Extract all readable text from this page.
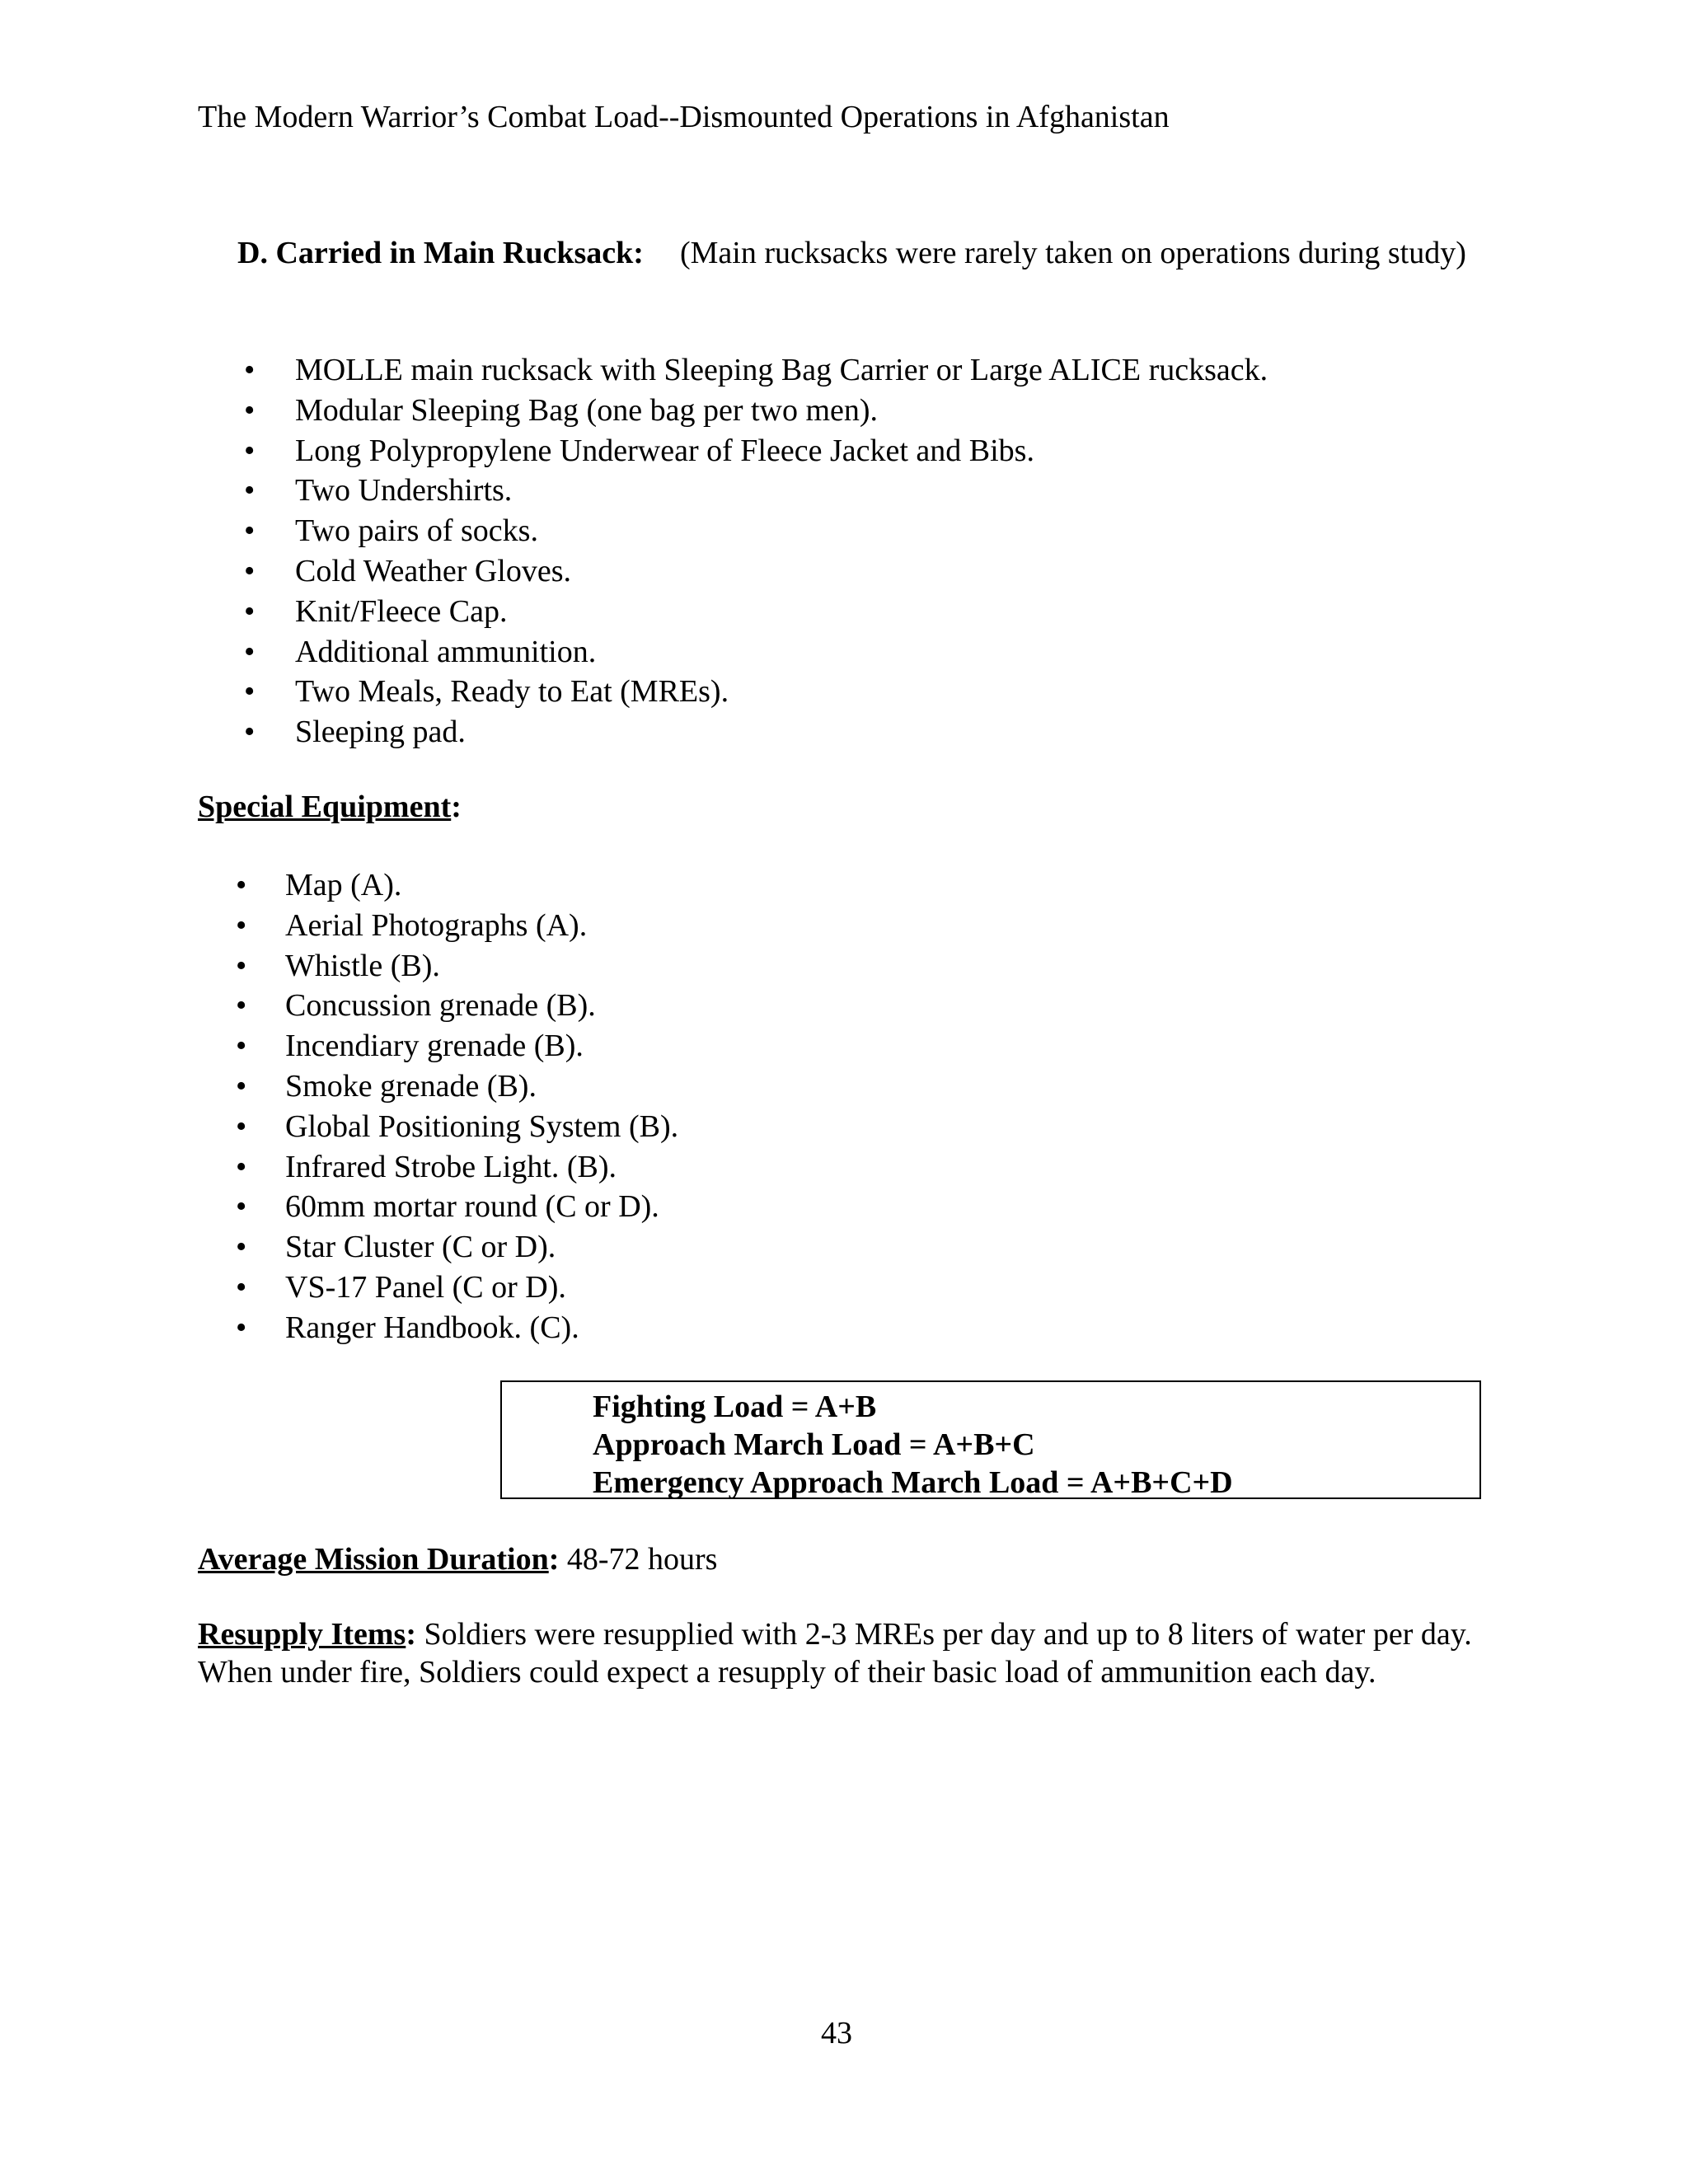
The Modern Warrior’s Combat Load--Dismounted Operations in Afghanistan
D. Carried in Main Rucksack: (Main rucksacks were rarely taken on operations during study)
• MOLLE main rucksack with Sleeping Bag Carrier or Large ALICE rucksack.
• Modular Sleeping Bag (one bag per two men).
• Long Polypropylene Underwear of Fleece Jacket and Bibs.
• Two Undershirts.
• Two pairs of socks.
• Cold Weather Gloves.
• Knit/Fleece Cap.
• Additional ammunition.
• Two Meals, Ready to Eat (MREs).
• Sleeping pad.
Special Equipment:
• Map (A).
• Aerial Photographs (A).
• Whistle (B).
• Concussion grenade (B).
• Incendiary grenade (B).
• Smoke grenade (B).
• Global Positioning System (B).
• Infrared Strobe Light. (B).
• 60mm mortar round (C or D).
• Star Cluster (C or D).
• VS-17 Panel (C or D).
• Ranger Handbook. (C).
Fighting Load = A+B
Approach March Load = A+B+C
Emergency Approach March Load = A+B+C+D
Average Mission Duration: 48-72 hours
Resupply Items: Soldiers were resupplied with 2-3 MREs per day and up to 8 liters of water per day. When under fire, Soldiers could expect a resupply of their basic load of ammunition each day.
43
